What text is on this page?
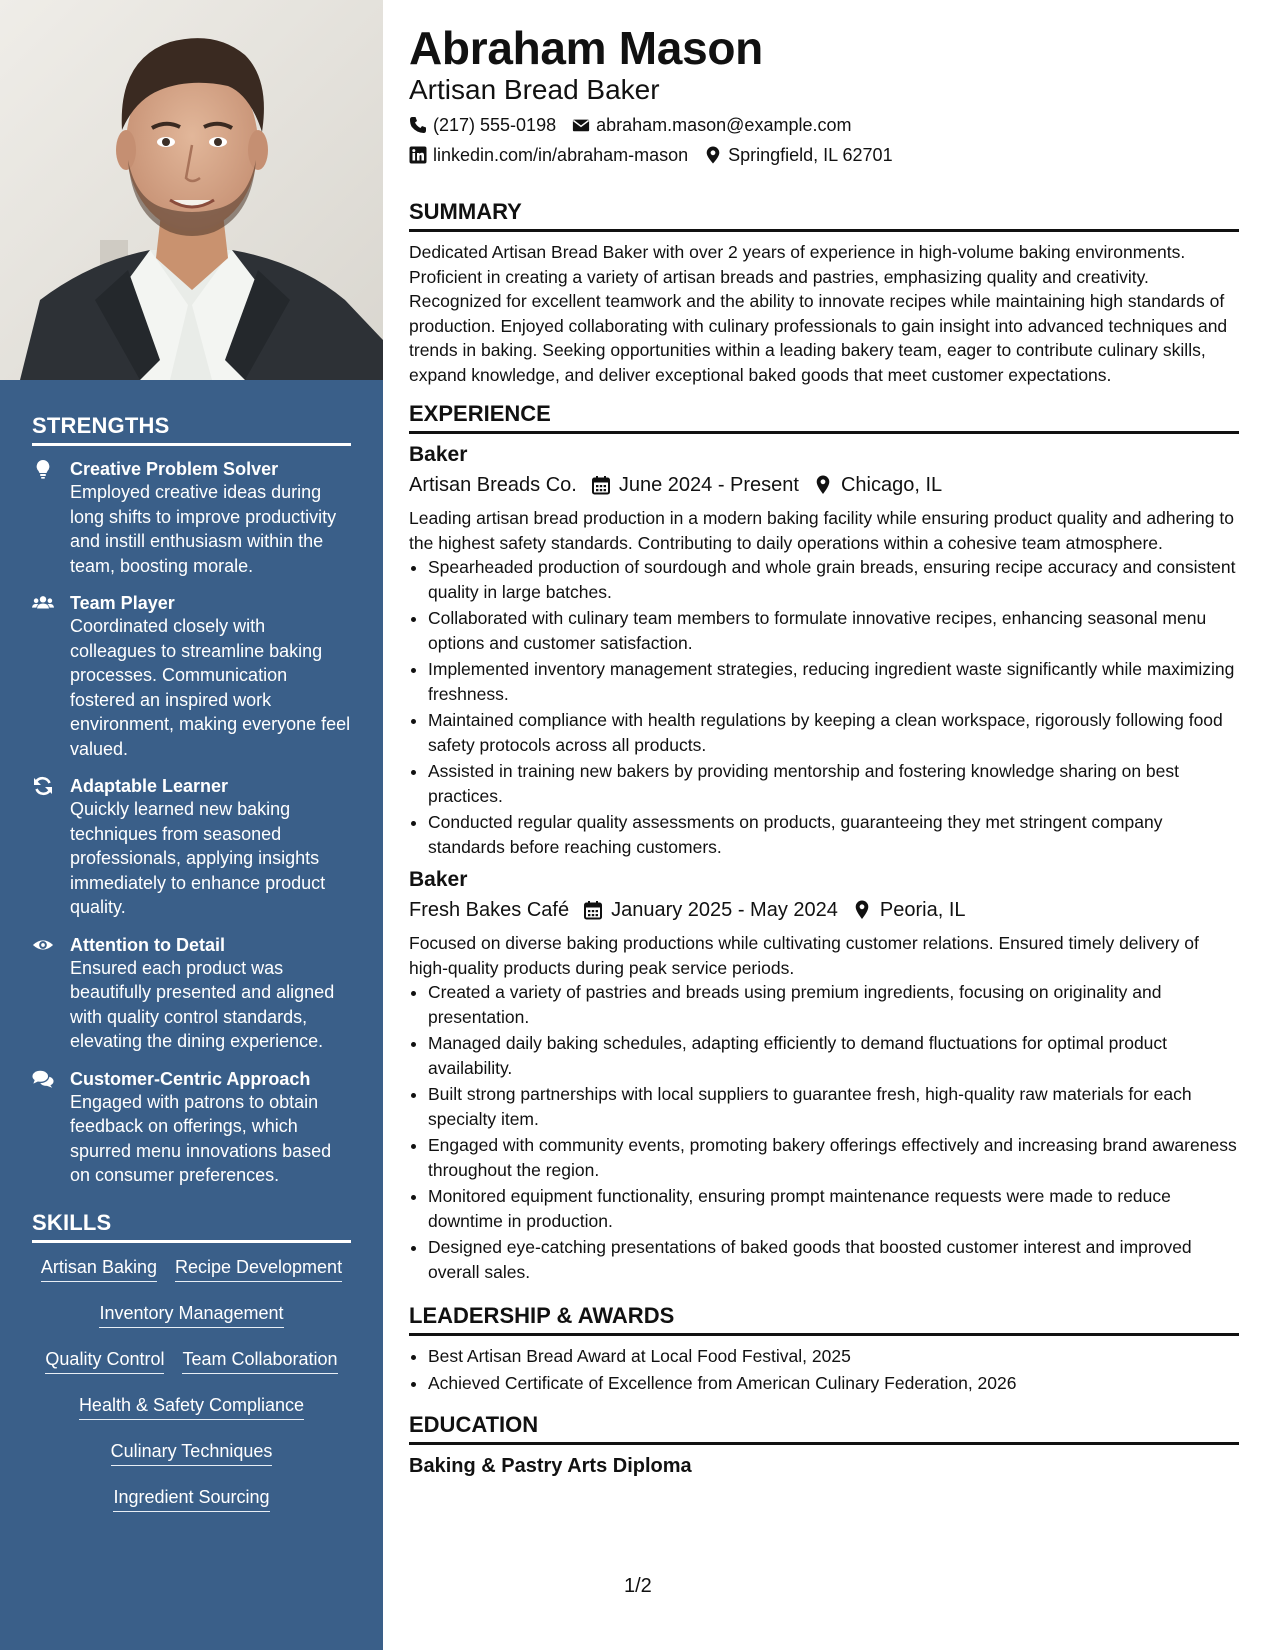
STRENGTHS
Creative Problem Solver
Employed creative ideas during long shifts to improve productivity and instill enthusiasm within the team, boosting morale.
Team Player
Coordinated closely with colleagues to streamline baking processes. Communication fostered an inspired work environment, making everyone feel valued.
Adaptable Learner
Quickly learned new baking techniques from seasoned professionals, applying insights immediately to enhance product quality.
Attention to Detail
Ensured each product was beautifully presented and aligned with quality control standards, elevating the dining experience.
Customer-Centric Approach
Engaged with patrons to obtain feedback on offerings, which spurred menu innovations based on consumer preferences.
SKILLS
Artisan Baking Recipe Development
Inventory Management
Quality Control Team Collaboration
Health & Safety Compliance
Culinary Techniques
Ingredient Sourcing
Abraham Mason
Artisan Bread Baker
(217) 555-0198 abraham.mason@example.com
linkedin.com/in/abraham-mason Springfield, IL 62701
SUMMARY
Dedicated Artisan Bread Baker with over 2 years of experience in high-volume baking environments. Proficient in creating a variety of artisan breads and pastries, emphasizing quality and creativity. Recognized for excellent teamwork and the ability to innovate recipes while maintaining high standards of production. Enjoyed collaborating with culinary professionals to gain insight into advanced techniques and trends in baking. Seeking opportunities within a leading bakery team, eager to contribute culinary skills, expand knowledge, and deliver exceptional baked goods that meet customer expectations.
EXPERIENCE
Baker
Artisan Breads Co. June 2024 - Present Chicago, IL
Leading artisan bread production in a modern baking facility while ensuring product quality and adhering to the highest safety standards. Contributing to daily operations within a cohesive team atmosphere.
• Spearheaded production of sourdough and whole grain breads, ensuring recipe accuracy and consistent quality in large batches.
• Collaborated with culinary team members to formulate innovative recipes, enhancing seasonal menu options and customer satisfaction.
• Implemented inventory management strategies, reducing ingredient waste significantly while maximizing freshness.
• Maintained compliance with health regulations by keeping a clean workspace, rigorously following food safety protocols across all products.
• Assisted in training new bakers by providing mentorship and fostering knowledge sharing on best practices.
• Conducted regular quality assessments on products, guaranteeing they met stringent company standards before reaching customers.
Baker
Fresh Bakes Café January 2025 - May 2024 Peoria, IL
Focused on diverse baking productions while cultivating customer relations. Ensured timely delivery of high-quality products during peak service periods.
• Created a variety of pastries and breads using premium ingredients, focusing on originality and presentation.
• Managed daily baking schedules, adapting efficiently to demand fluctuations for optimal product availability.
• Built strong partnerships with local suppliers to guarantee fresh, high-quality raw materials for each specialty item.
• Engaged with community events, promoting bakery offerings effectively and increasing brand awareness throughout the region.
• Monitored equipment functionality, ensuring prompt maintenance requests were made to reduce downtime in production.
• Designed eye-catching presentations of baked goods that boosted customer interest and improved overall sales.
LEADERSHIP & AWARDS
• Best Artisan Bread Award at Local Food Festival, 2025
• Achieved Certificate of Excellence from American Culinary Federation, 2026
EDUCATION
Baking & Pastry Arts Diploma
1/2
